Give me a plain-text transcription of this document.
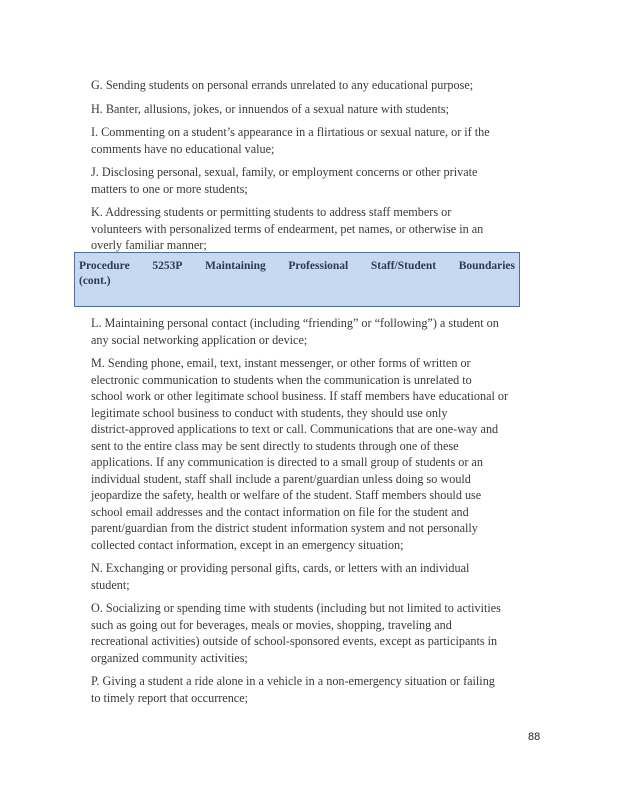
G. Sending students on personal errands unrelated to any educational purpose;

H. Banter, allusions, jokes, or innuendos of a sexual nature with students;

I. Commenting on a student’s appearance in a flirtatious or sexual nature, or if the
comments have no educational value;

J. Disclosing personal, sexual, family, or employment concerns or other private
matters to one or more students;

K. Addressing students or permitting students to address staff members or
volunteers with personalized terms of endearment, pet names, or otherwise in an
overly familiar manner;

Procedure 5253P Maintaining Professional Staff/Student Boundaries
(cont.)

L. Maintaining personal contact (including “friending” or “following”) a student on
any social networking application or device;

M. Sending phone, email, text, instant messenger, or other forms of written or
electronic communication to students when the communication is unrelated to
school work or other legitimate school business. If staff members have educational or
legitimate school business to conduct with students, they should use only
district-approved applications to text or call. Communications that are one-way and
sent to the entire class may be sent directly to students through one of these
applications. If any communication is directed to a small group of students or an
individual student, staff shall include a parent/guardian unless doing so would
jeopardize the safety, health or welfare of the student. Staff members should use
school email addresses and the contact information on file for the student and
parent/guardian from the district student information system and not personally
collected contact information, except in an emergency situation;

N. Exchanging or providing personal gifts, cards, or letters with an individual
student;

O. Socializing or spending time with students (including but not limited to activities
such as going out for beverages, meals or movies, shopping, traveling and
recreational activities) outside of school-sponsored events, except as participants in
organized community activities;

P. Giving a student a ride alone in a vehicle in a non-emergency situation or failing
to timely report that occurrence;

88
